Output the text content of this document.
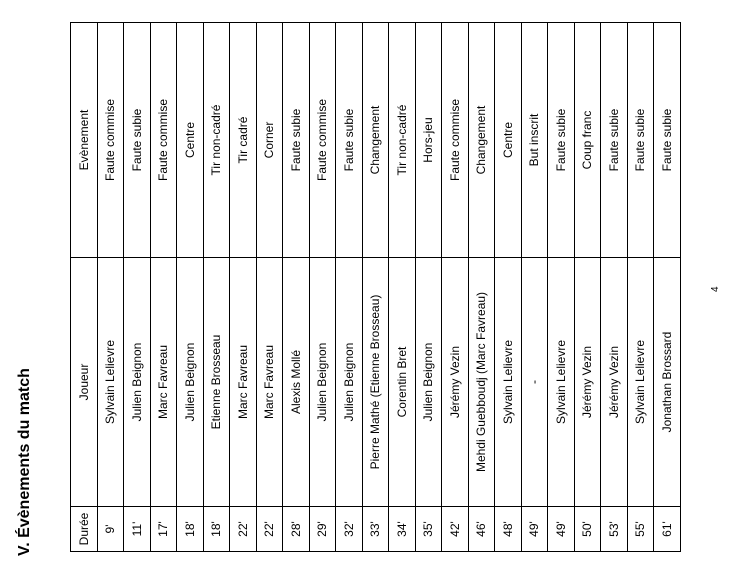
V. Évènements du match	Durée	Joueur	Evènement
9'	Sylvain Lelievre	Faute commise
11'	Julien Beignon	Faute subie
17'	Marc Favreau	Faute commise
18'	Julien Beignon	Centre
18'	Etienne Brosseau	Tir non-cadré
22'	Marc Favreau	Tir cadré
22'	Marc Favreau	Corner
28'	Alexis Mollé	Faute subie
29'	Julien Beignon	Faute commise
32'	Julien Beignon	Faute subie
33'	Pierre Mathé (Etienne Brosseau)	Changement
34'	Corentin Bret	Tir non-cadré
35'	Julien Beignon	Hors-jeu
42'	Jérémy Vezin	Faute commise
46'	Mehdi Guebboudj (Marc Favreau)	Changement
48'	Sylvain Lelievre	Centre
49'	-	But inscrit
49'	Sylvain Lelievre	Faute subie
50'	Jérémy Vezin	Coup franc
53'	Jérémy Vezin	Faute subie
55'	Sylvain Lelievre	Faute subie
61'	Jonathan Brossard	Faute subie
4
